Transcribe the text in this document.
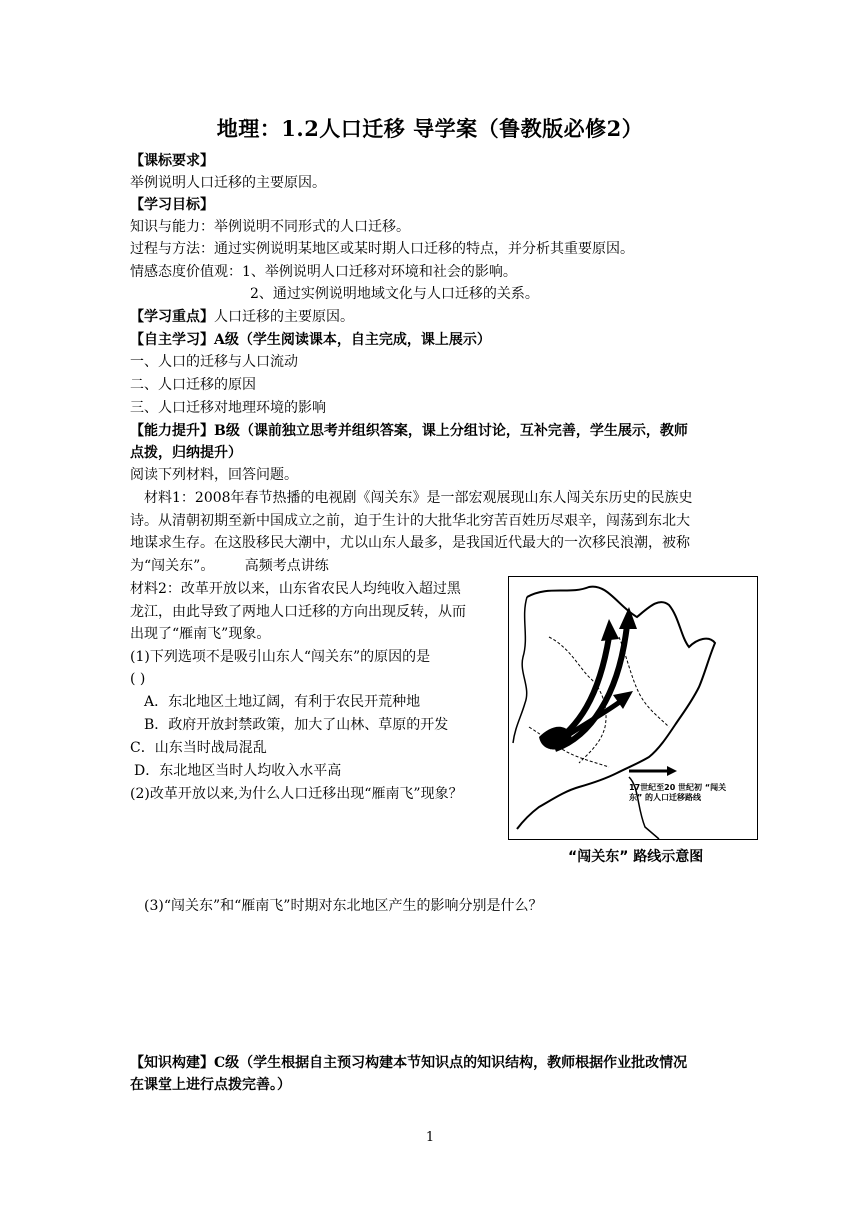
地理：1.2人口迁移 导学案（鲁教版必修2）
【课标要求】
举例说明人口迁移的主要原因。
【学习目标】
知识与能力：举例说明不同形式的人口迁移。
过程与方法：通过实例说明某地区或某时期人口迁移的特点，并分析其重要原因。
情感态度价值观：1、举例说明人口迁移对环境和社会的影响。
2、通过实例说明地域文化与人口迁移的关系。
【学习重点】人口迁移的主要原因。
【自主学习】A级（学生阅读课本，自主完成，课上展示）
一、人口的迁移与人口流动
二、人口迁移的原因
三、人口迁移对地理环境的影响
【能力提升】B级（课前独立思考并组织答案，课上分组讨论，互补完善，学生展示，教师
点拨，归纳提升）
阅读下列材料，回答问题。
材料1：2008年春节热播的电视剧《闯关东》是一部宏观展现山东人闯关东历史的民族史
诗。从清朝初期至新中国成立之前，迫于生计的大批华北穷苦百姓历尽艰辛，闯荡到东北大
地谋求生存。在这股移民大潮中，尤以山东人最多，是我国近代最大的一次移民浪潮，被称
为“闯关东”。 高频考点讲练
材料2：改革开放以来，山东省农民人均纯收入超过黑
龙江，由此导致了两地人口迁移的方向出现反转，从而
出现了“雁南飞”现象。
(1)下列选项不是吸引山东人“闯关东”的原因的是
( )
A．东北地区土地辽阔，有利于农民开荒种地
B．政府开放封禁政策，加大了山林、草原的开发
C．山东当时战局混乱
D．东北地区当时人均收入水平高
(2)改革开放以来,为什么人口迁移出现“雁南飞”现象？	17世纪至20 世纪初 “闯关
东” 的人口迁移路线
“闯关东” 路线示意图
(3)“闯关东”和“雁南飞”时期对东北地区产生的影响分别是什么？
【知识构建】C级（学生根据自主预习构建本节知识点的知识结构，教师根据作业批改情况
在课堂上进行点拨完善。）
1
